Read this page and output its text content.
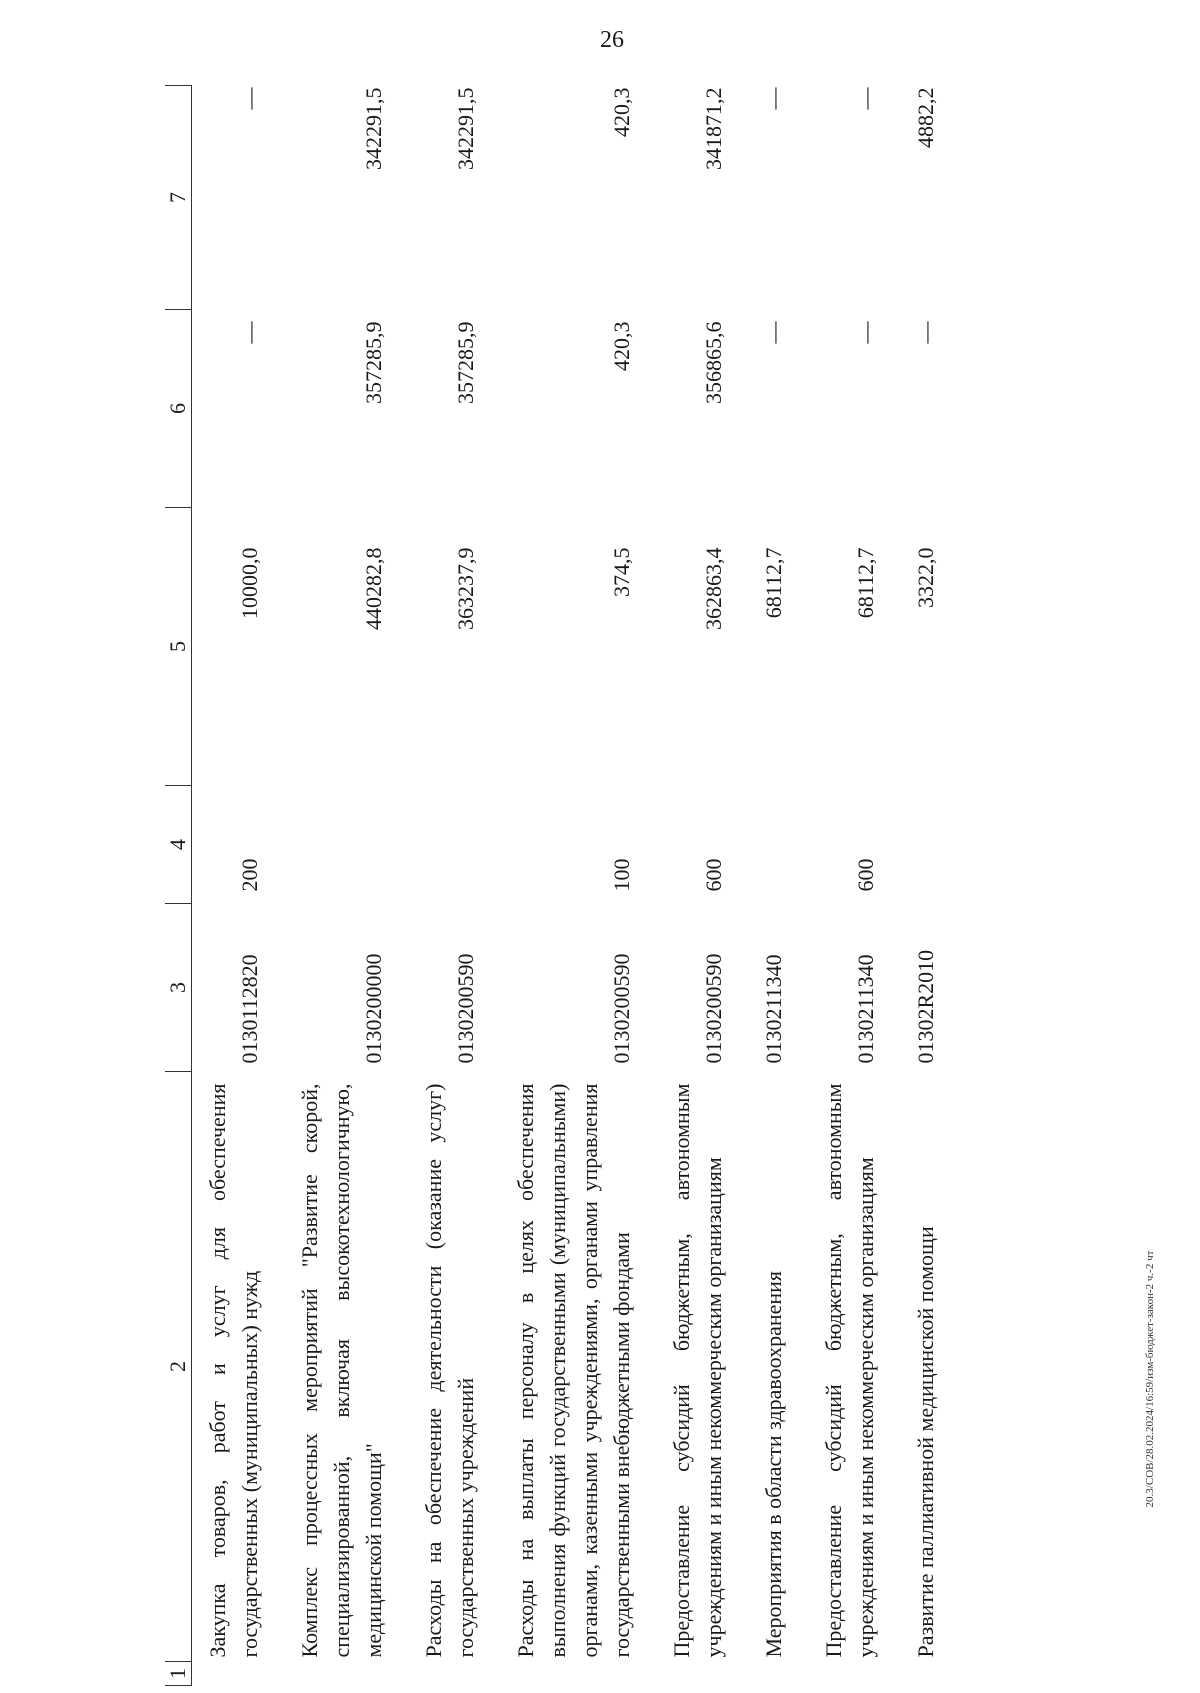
26
1	2	3	4	5	6	7
	Закупка товаров, работ и услуг для обеспечения государственных (муниципальных) нужд	0130112820	200	10000,0	—	—
	Комплекс процессных мероприятий "Развитие скорой, специализированной, включая высокотехнологичную, медицинской помощи"	0130200000		440282,8	357285,9	342291,5
	Расходы на обеспечение деятельности (оказание услуг) государственных учреждений	0130200590		363237,9	357285,9	342291,5
	Расходы на выплаты персоналу в целях обеспечения выполнения функций государственными (муниципальными) органами, казенными учреждениями, органами управления государственными внебюджетными фондами	0130200590	100	374,5	420,3	420,3
	Предоставление субсидий бюджетным, автономным учреждениям и иным некоммерческим организациям	0130200590	600	362863,4	356865,6	341871,2
	Мероприятия в области здравоохранения	0130211340		68112,7	—	—
	Предоставление субсидий бюджетным, автономным учреждениям и иным некоммерческим организациям	0130211340	600	68112,7	—	—
	Развитие паллиативной медицинской помощи	01302R2010		3322,0	—	4882,2
20.3/СОВ/28.02.2024/16:59/изм-бюджет-закон-2 ч.-2 чт
